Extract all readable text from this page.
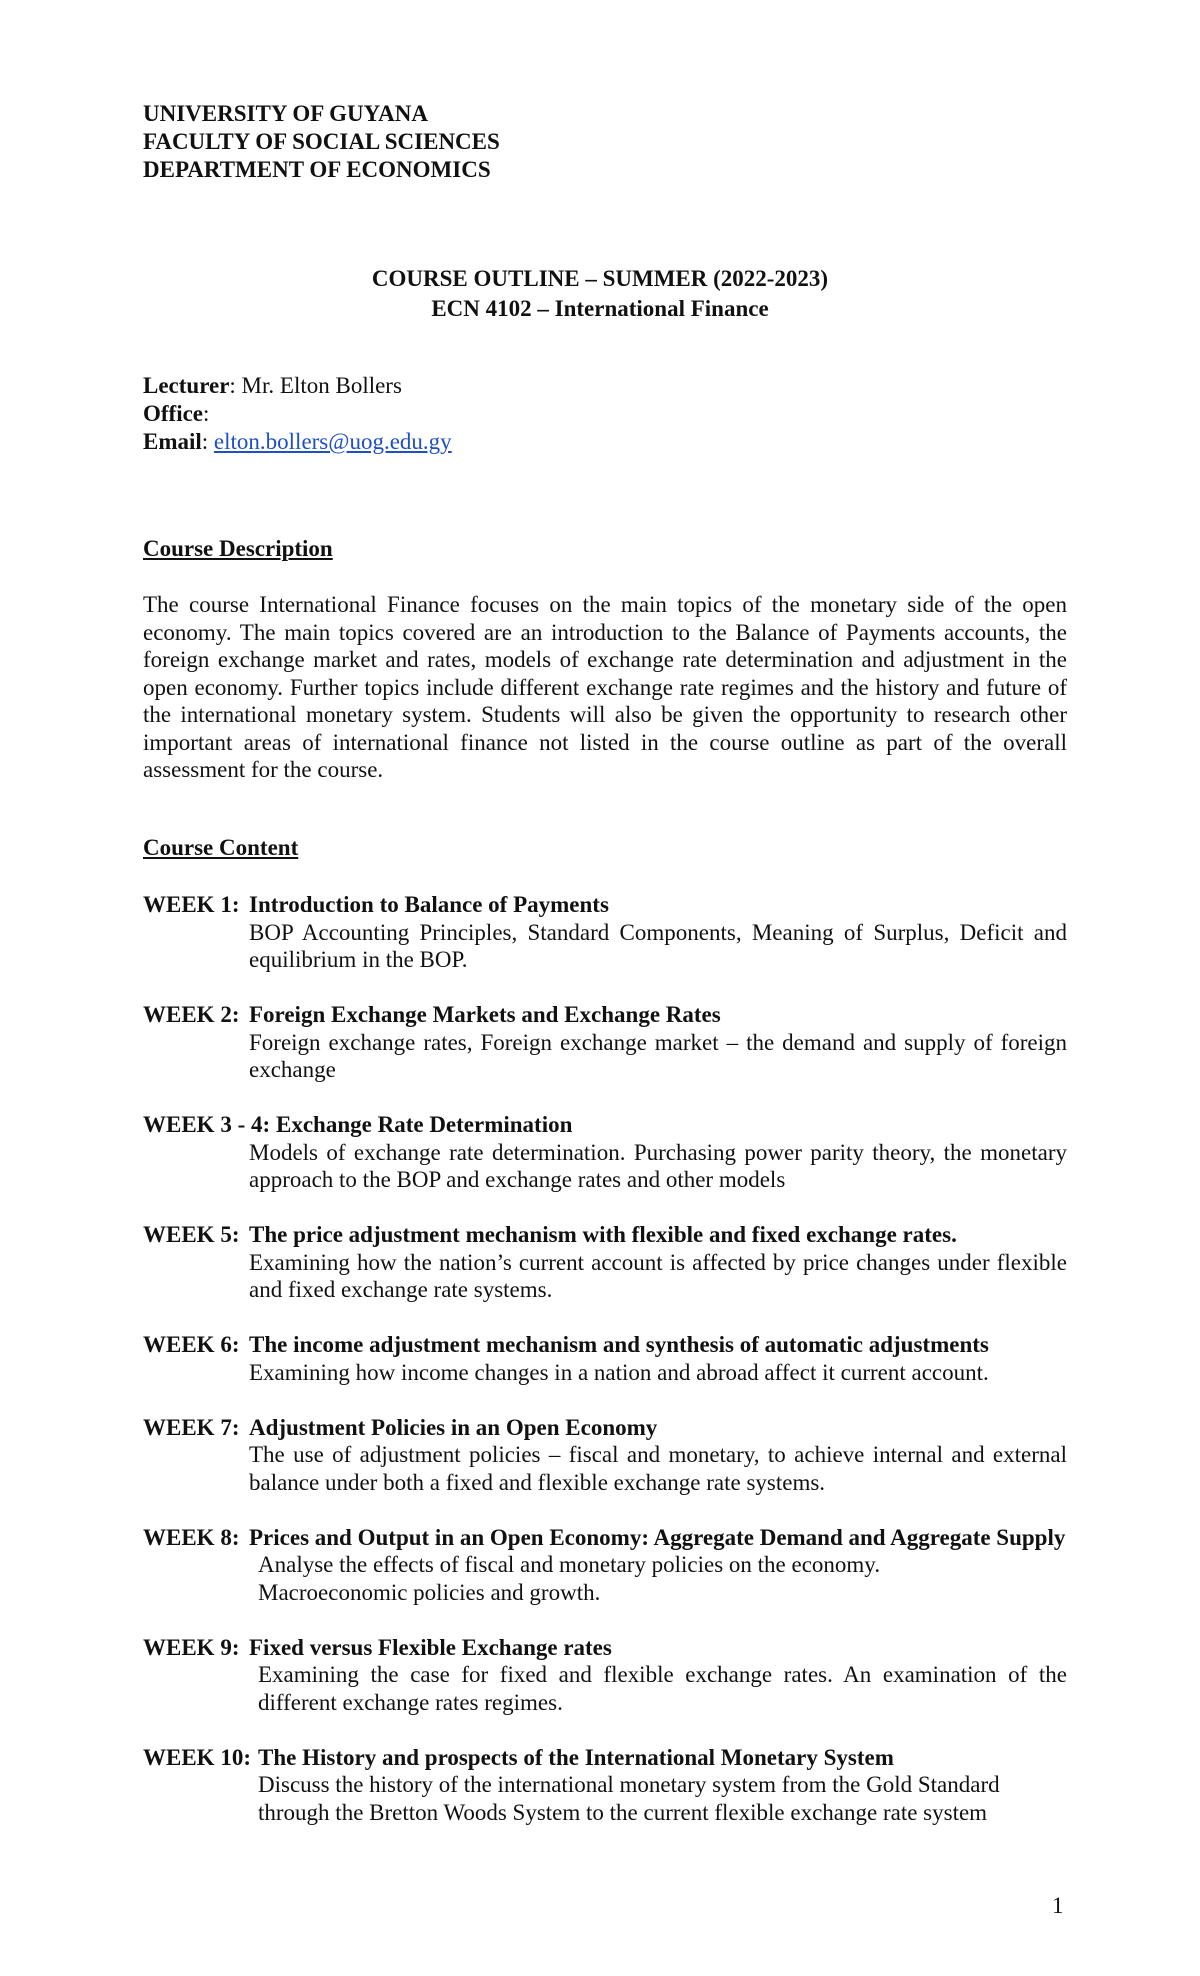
UNIVERSITY OF GUYANA
FACULTY OF SOCIAL SCIENCES
DEPARTMENT OF ECONOMICS
COURSE OUTLINE – SUMMER (2022-2023)
ECN 4102 – International Finance
Lecturer: Mr. Elton Bollers
Office:
Email: elton.bollers@uog.edu.gy
Course Description
The course International Finance focuses on the main topics of the monetary side of the open economy. The main topics covered are an introduction to the Balance of Payments accounts, the foreign exchange market and rates, models of exchange rate determination and adjustment in the open economy. Further topics include different exchange rate regimes and the history and future of the international monetary system. Students will also be given the opportunity to research other important areas of international finance not listed in the course outline as part of the overall assessment for the course.
Course Content
WEEK 1: Introduction to Balance of Payments
BOP Accounting Principles, Standard Components, Meaning of Surplus, Deficit and equilibrium in the BOP.
WEEK 2: Foreign Exchange Markets and Exchange Rates
Foreign exchange rates, Foreign exchange market – the demand and supply of foreign exchange
WEEK 3 - 4: Exchange Rate Determination
Models of exchange rate determination. Purchasing power parity theory, the monetary approach to the BOP and exchange rates and other models
WEEK 5: The price adjustment mechanism with flexible and fixed exchange rates.
Examining how the nation’s current account is affected by price changes under flexible and fixed exchange rate systems.
WEEK 6: The income adjustment mechanism and synthesis of automatic adjustments
Examining how income changes in a nation and abroad affect it current account.
WEEK 7: Adjustment Policies in an Open Economy
The use of adjustment policies – fiscal and monetary, to achieve internal and external balance under both a fixed and flexible exchange rate systems.
WEEK 8: Prices and Output in an Open Economy: Aggregate Demand and Aggregate Supply
Analyse the effects of fiscal and monetary policies on the economy.
Macroeconomic policies and growth.
WEEK 9: Fixed versus Flexible Exchange rates
Examining the case for fixed and flexible exchange rates. An examination of the different exchange rates regimes.
WEEK 10: The History and prospects of the International Monetary System
Discuss the history of the international monetary system from the Gold Standard
through the Bretton Woods System to the current flexible exchange rate system
1
